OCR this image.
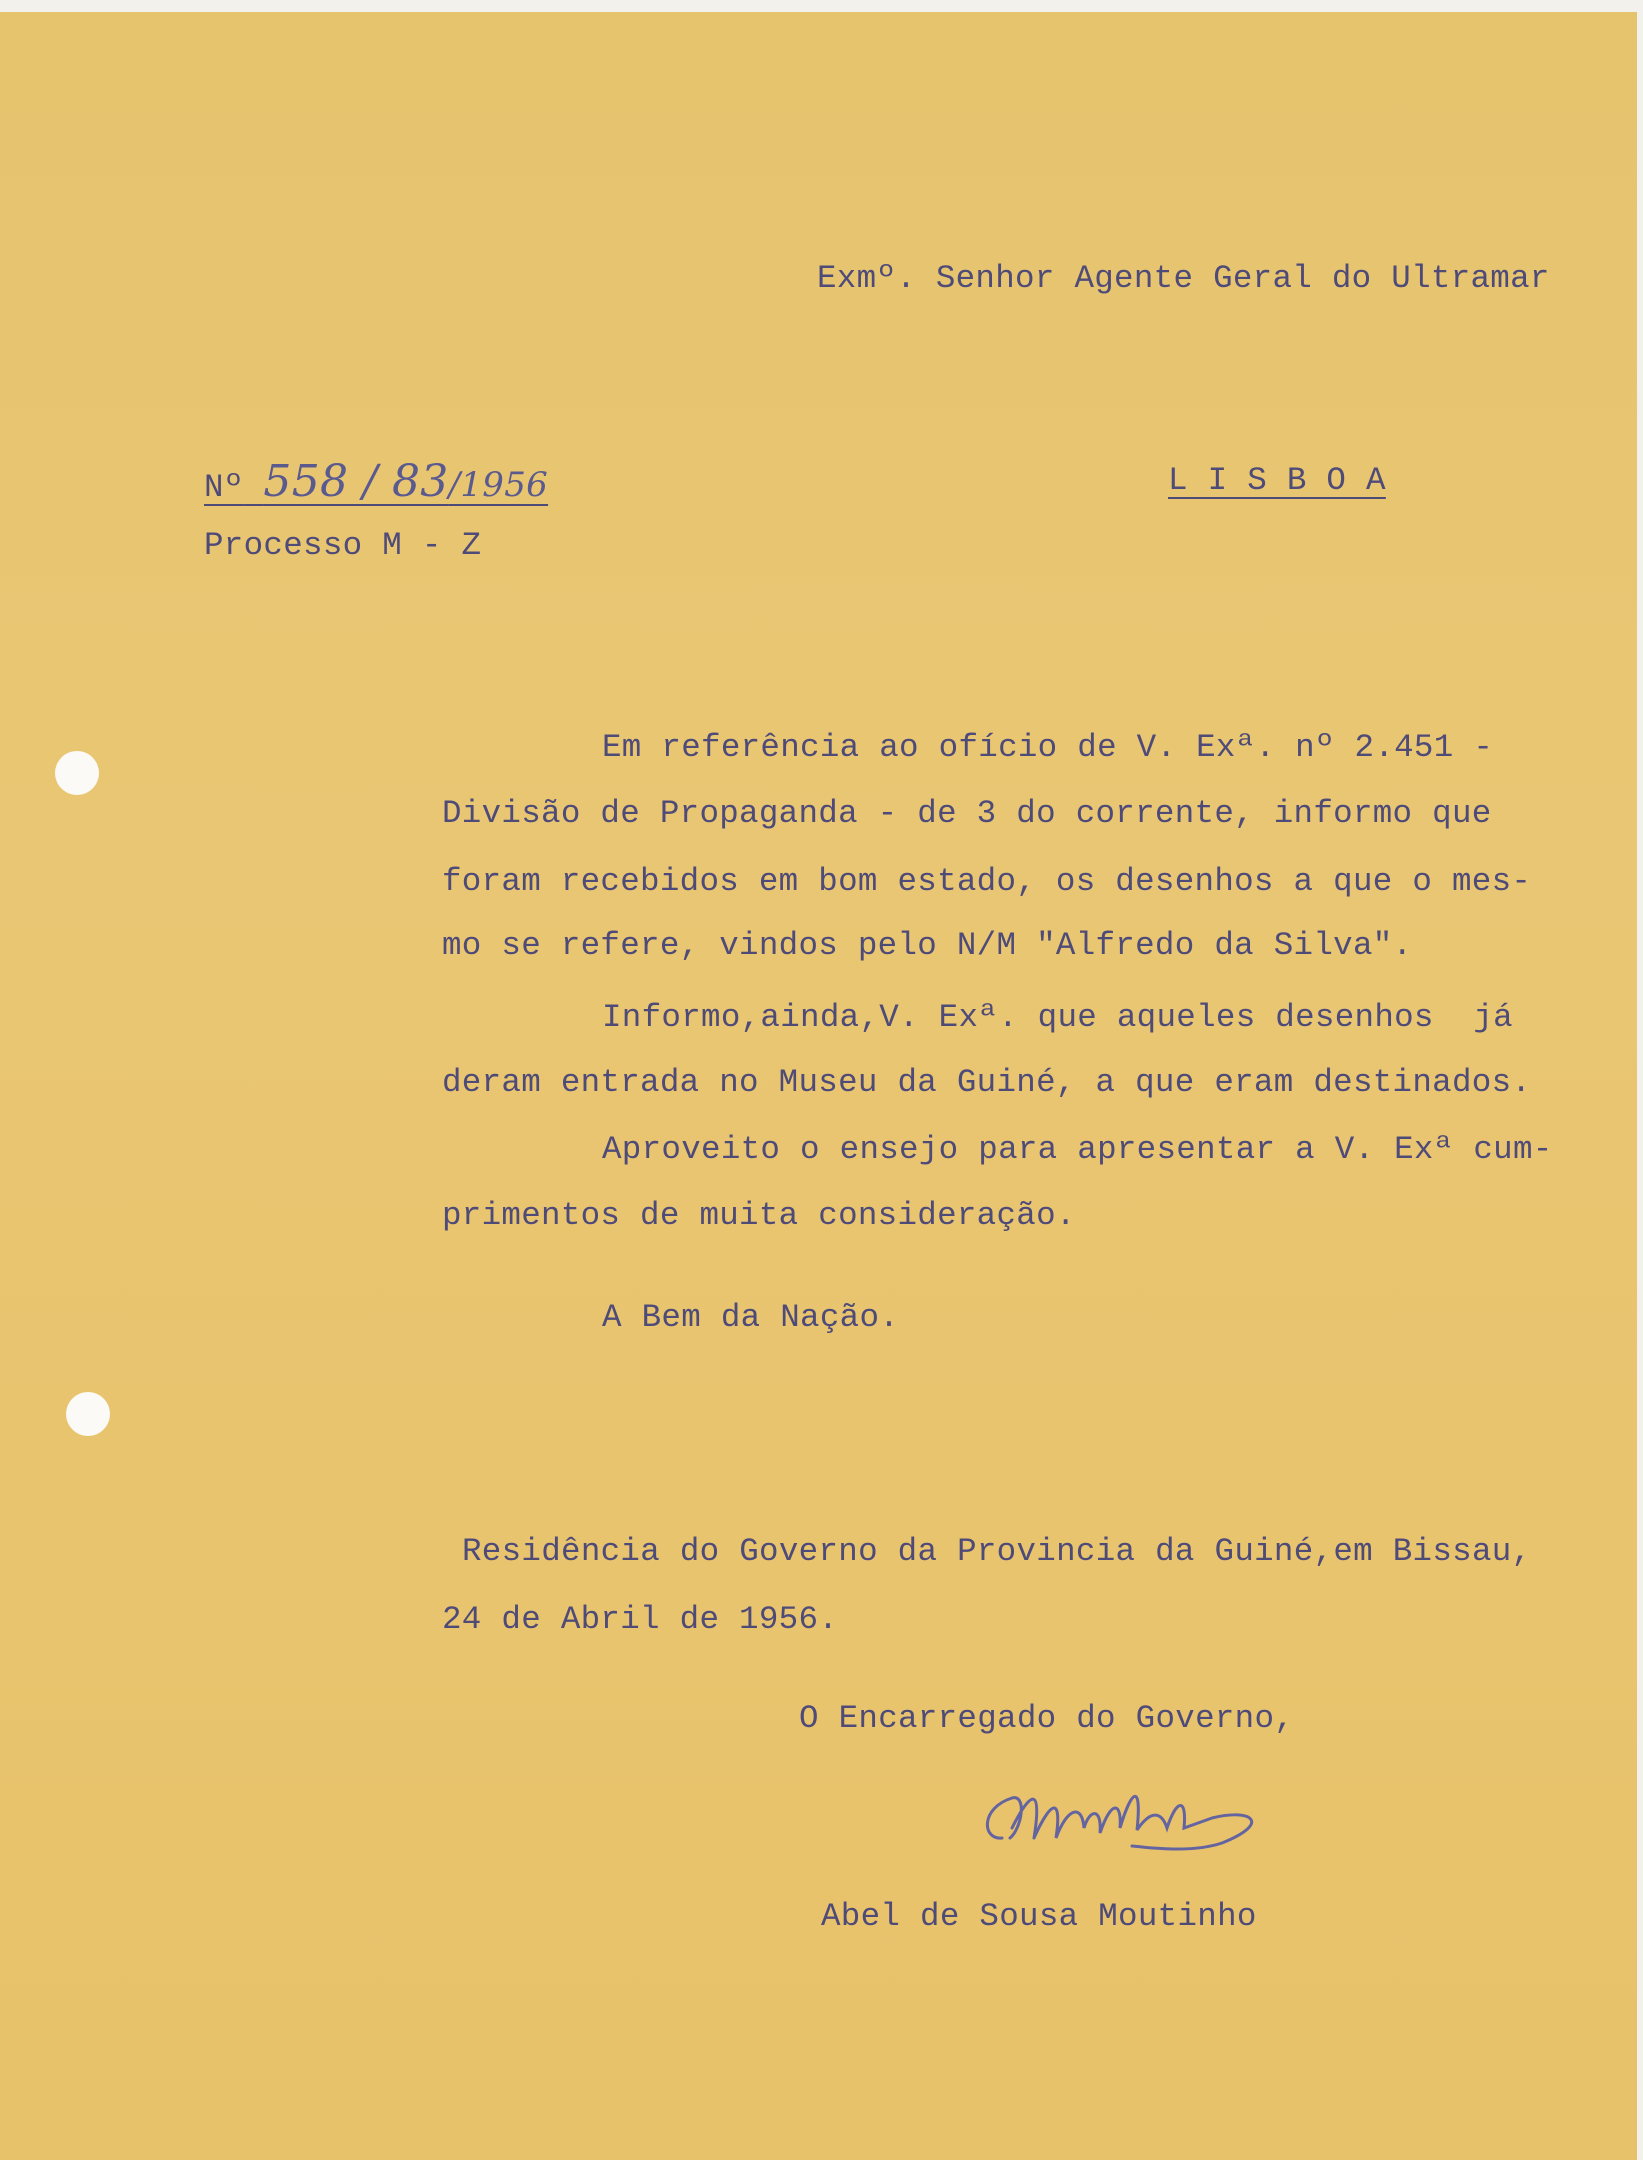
Exmº. Senhor Agente Geral do Ultramar
Nº 558 / 83/1956	L I S B O A
Processo M - Z
Em referência ao ofício de V. Exª. nº 2.451 -
Divisão de Propaganda - de 3 do corrente, informo que
foram recebidos em bom estado, os desenhos a que o mes-
mo se refere, vindos pelo N/M "Alfredo da Silva".
Informo,ainda,V. Exª. que aqueles desenhos  já
deram entrada no Museu da Guiné, a que eram destinados.
Aproveito o ensejo para apresentar a V. Exª cum-
primentos de muita consideração.
A Bem da Nação.
Residência do Governo da Provincia da Guiné,em Bissau,
24 de Abril de 1956.
O Encarregado do Governo,
Abel de Sousa Moutinho
